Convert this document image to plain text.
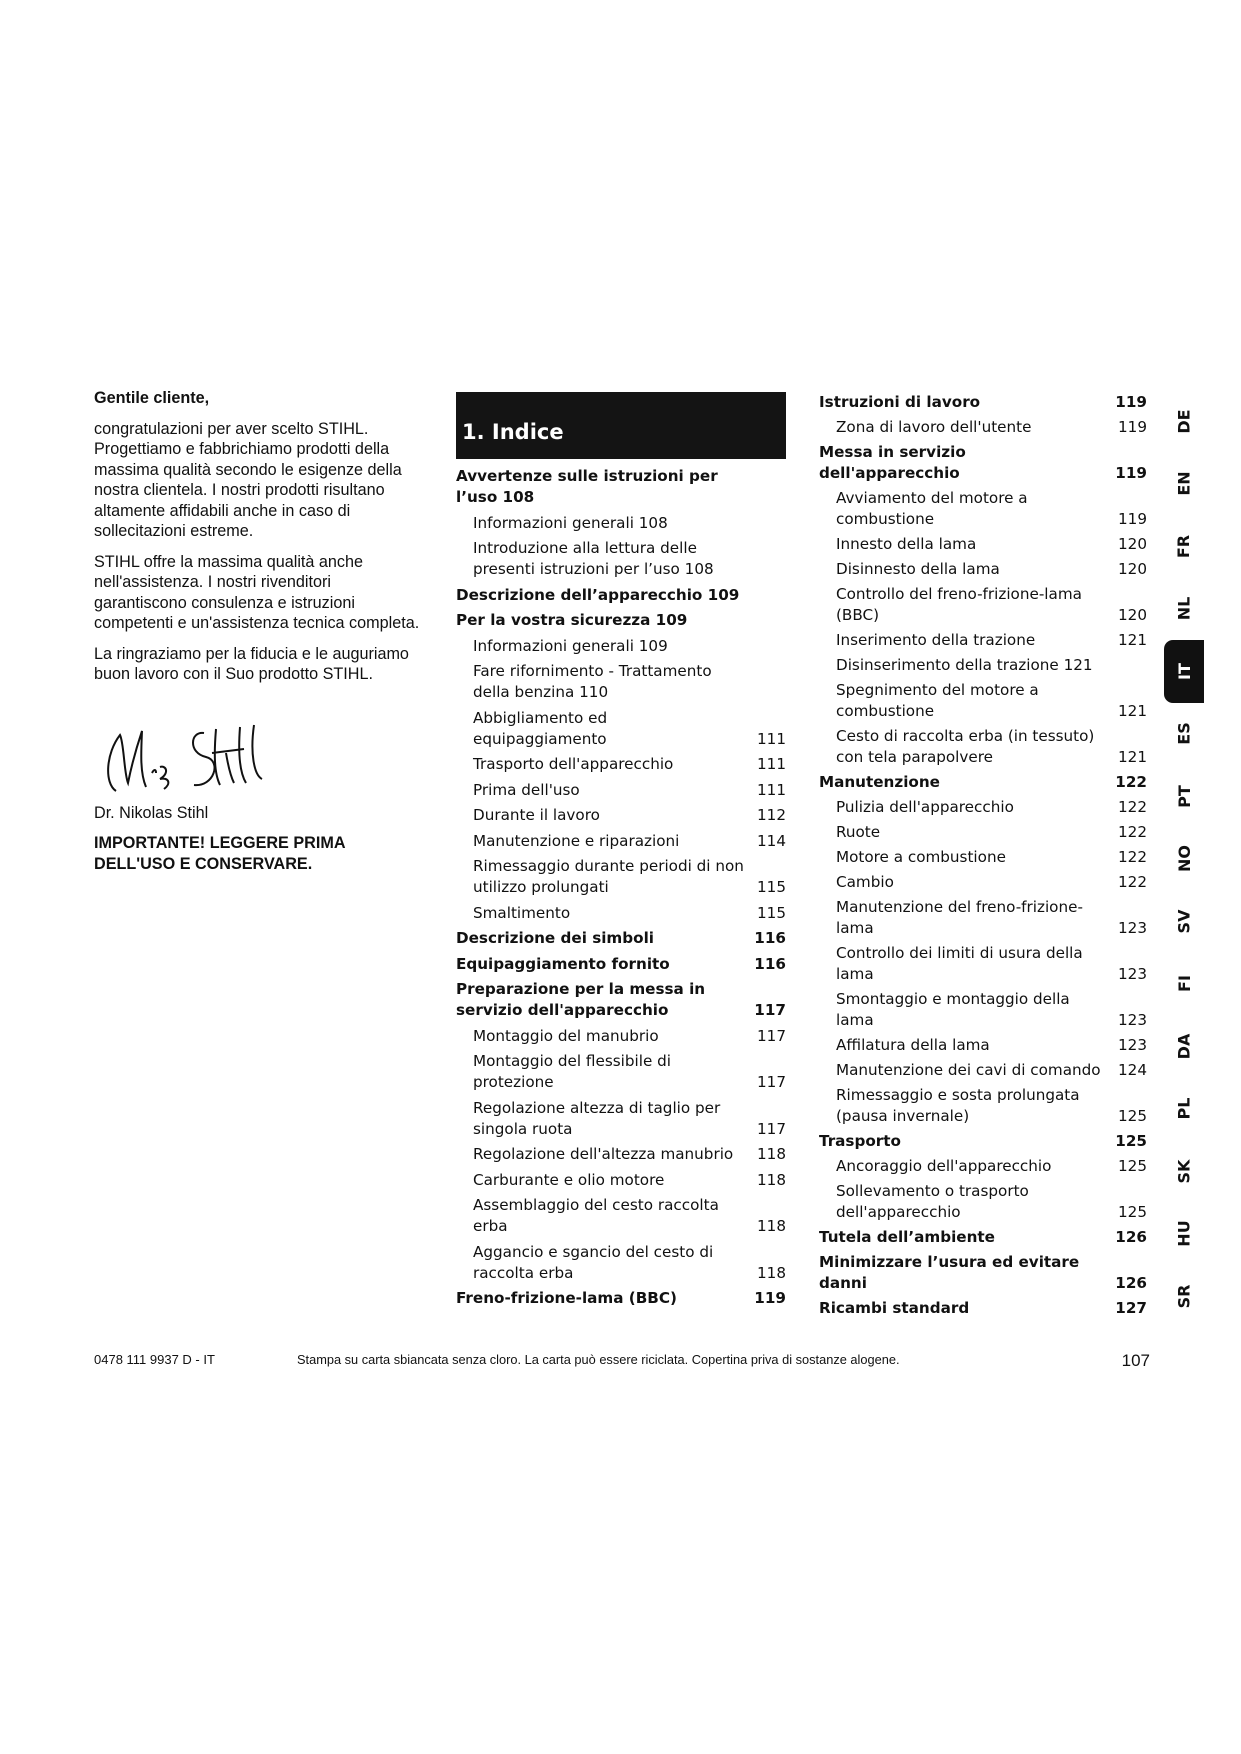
Gentile cliente,

congratulazioni per aver scelto STIHL. Progettiamo e fabbrichiamo prodotti della massima qualità secondo le esigenze della nostra clientela. I nostri prodotti risultano altamente affidabili anche in caso di sollecitazioni estreme.

STIHL offre la massima qualità anche nell'assistenza. I nostri rivenditori garantiscono consulenza e istruzioni competenti e un'assistenza tecnica completa.

La ringraziamo per la fiducia e le auguriamo buon lavoro con il Suo prodotto STIHL.

Dr. Nikolas Stihl

IMPORTANTE! LEGGERE PRIMA DELL'USO E CONSERVARE.

1. Indice
Avvertenze sulle istruzioni per l’uso 108
Informazioni generali 108
Introduzione alla lettura delle presenti istruzioni per l’uso 108
Descrizione dell’apparecchio 109
Per la vostra sicurezza 109
Informazioni generali 109
Fare rifornimento - Trattamento della benzina 110
Abbigliamento ed equipaggiamento	111
Trasporto dell'apparecchio	111
Prima dell'uso	111
Durante il lavoro	112
Manutenzione e riparazioni	114
Rimessaggio durante periodi di non utilizzo prolungati	115
Smaltimento	115
Descrizione dei simboli	116
Equipaggiamento fornito	116
Preparazione per la messa in servizio dell'apparecchio	117
Montaggio del manubrio	117
Montaggio del flessibile di protezione	117
Regolazione altezza di taglio per singola ruota	117
Regolazione dell'altezza manubrio	118
Carburante e olio motore	118
Assemblaggio del cesto raccolta erba	118
Aggancio e sgancio del cesto di raccolta erba	118
Freno-frizione-lama (BBC)	119
Istruzioni di lavoro	119
Zona di lavoro dell'utente	119
Messa in servizio dell'apparecchio	119
Avviamento del motore a combustione	119
Innesto della lama	120
Disinnesto della lama	120
Controllo del freno-frizione-lama (BBC)	120
Inserimento della trazione	121
Disinserimento della trazione 121
Spegnimento del motore a combustione	121
Cesto di raccolta erba (in tessuto) con tela parapolvere	121
Manutenzione	122
Pulizia dell'apparecchio	122
Ruote	122
Motore a combustione	122
Cambio	122
Manutenzione del freno-frizione-lama	123
Controllo dei limiti di usura della lama	123
Smontaggio e montaggio della lama	123
Affilatura della lama	123
Manutenzione dei cavi di comando	124
Rimessaggio e sosta prolungata (pausa invernale)	125
Trasporto	125
Ancoraggio dell'apparecchio	125
Sollevamento o trasporto dell'apparecchio	125
Tutela dell’ambiente	126
Minimizzare l’usura ed evitare danni	126
Ricambi standard	127
DE
EN
FR
NL
IT
ES
PT
NO
SV
FI
DA
PL
SK
HU
SR
0478 111 9937 D - IT	Stampa su carta sbiancata senza cloro. La carta può essere riciclata. Copertina priva di sostanze alogene.	107
